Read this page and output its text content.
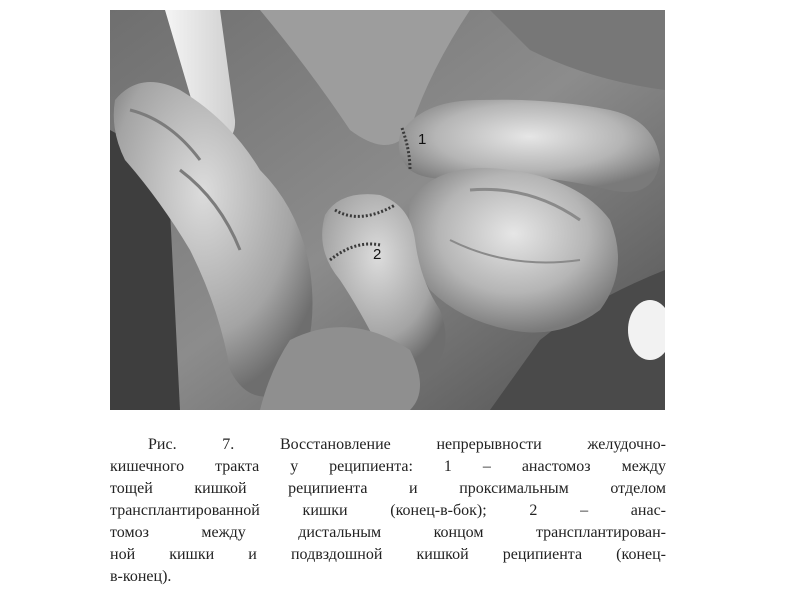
1
2

Рис. 7. Восстановление непрерывности желудочно-
кишечного тракта у реципиента: 1 – анастомоз между
тощей кишкой реципиента и проксимальным отделом
трансплантированной кишки (конец-в-бок); 2 – анас-
томоз между дистальным концом трансплантирован-
ной кишки и подвздошной кишкой реципиента (конец-
в-конец).
